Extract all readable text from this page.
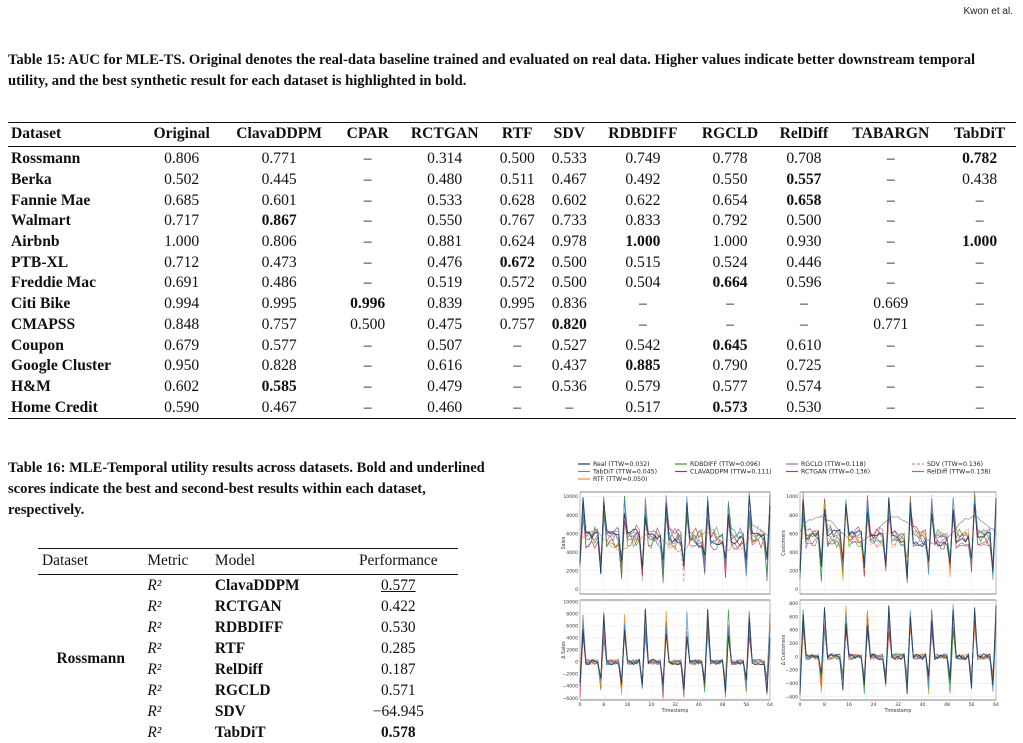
Kwon et al.
Table 15: AUC for MLE-TS. Original denotes the real-data baseline trained and evaluated on real data. Higher values indicate better downstream temporal utility, and the best synthetic result for each dataset is highlighted in bold.
Dataset	Original	ClavaDDPM	CPAR	RCTGAN	RTF	SDV	RDBDIFF	RGCLD	RelDiff	TABARGN	TabDiT
Rossmann	0.806	0.771	–	0.314	0.500	0.533	0.749	0.778	0.708	–	0.782
Berka	0.502	0.445	–	0.480	0.511	0.467	0.492	0.550	0.557	–	0.438
Fannie Mae	0.685	0.601	–	0.533	0.628	0.602	0.622	0.654	0.658	–	–
Walmart	0.717	0.867	–	0.550	0.767	0.733	0.833	0.792	0.500	–	–
Airbnb	1.000	0.806	–	0.881	0.624	0.978	1.000	1.000	0.930	–	1.000
PTB-XL	0.712	0.473	–	0.476	0.672	0.500	0.515	0.524	0.446	–	–
Freddie Mac	0.691	0.486	–	0.519	0.572	0.500	0.504	0.664	0.596	–	–
Citi Bike	0.994	0.995	0.996	0.839	0.995	0.836	–	–	–	0.669	–
CMAPSS	0.848	0.757	0.500	0.475	0.757	0.820	–	–	–	0.771	–
Coupon	0.679	0.577	–	0.507	–	0.527	0.542	0.645	0.610	–	–
Google Cluster	0.950	0.828	–	0.616	–	0.437	0.885	0.790	0.725	–	–
H&M	0.602	0.585	–	0.479	–	0.536	0.579	0.577	0.574	–	–
Home Credit	0.590	0.467	–	0.460	–	–	0.517	0.573	0.530	–	–
Table 16: MLE-Temporal utility results across datasets. Bold and underlined scores indicate the best and second-best results within each dataset, respectively.
Dataset	Metric	Model	Performance
Rossmann	R²	ClavaDDPM	0.577
	R²	RCTGAN	0.422
	R²	RDBDIFF	0.530
	R²	RTF	0.285
	R²	RelDiff	0.187
	R²	RGCLD	0.571
	R²	SDV	−64.945
	R²	TabDiT	0.578
Real (TTW=0.032)
TabDiT (TTW=0.045)
RTF (TTW=0.050)
RDBDIFF (TTW=0.096)
CLAVADDPM (TTW=0.111)
RGCLD (TTW=0.118)
RCTGAN (TTW=0.136)
SDV (TTW=0.136)
RelDiff (TTW=0.138)
0
2000
4000
6000
8000
10000
Sales
0
200
400
600
800
1000
Customers
−6000
−4000
−2000
0
2000
4000
6000
8000
10000
0	8	16	24	32	40	48	56	64
Timestamp
Δ Sales
−600
−400
−200
0
200
400
600
800
0	8	16	24	32	40	48	56	64
Timestamp
Δ Customers
